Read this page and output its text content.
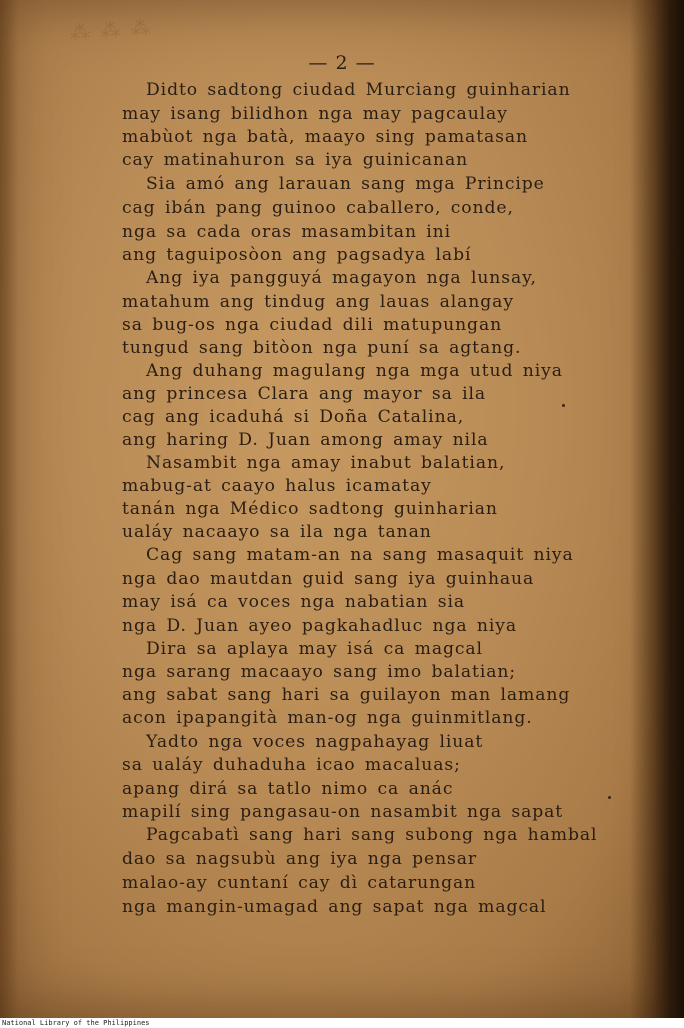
⁂ ⁂ ⁂
— 2 —
Didto sadtong ciudad Murciang guinharian
may isang bilidhon nga may pagcaulay
mabùot nga batà, maayo sing pamatasan
cay matinahuron sa iya guinicanan
Sia amó ang larauan sang mga Principe
cag ibán pang guinoo caballero, conde,
nga sa cada oras masambitan ini
ang taguiposòon ang pagsadya labí
Ang iya pangguyá magayon nga lunsay,
matahum ang tindug ang lauas alangay
sa bug-os nga ciudad dili matupungan
tungud sang bitòon nga puní sa agtang.
Ang duhang magulang nga mga utud niya
ang princesa Clara ang mayor sa ila
cag ang icaduhá si Doña Catalina,
ang haring D. Juan among amay nila
Nasambit nga amay inabut balatian,
mabug-at caayo halus icamatay
tanán nga Médico sadtong guinharian
ualáy nacaayo sa ila nga tanan
Cag sang matam-an na sang masaquit niya
nga dao mautdan guid sang iya guinhaua
may isá ca voces nga nabatian sia
nga D. Juan ayeo pagkahadluc nga niya
Dira sa aplaya may isá ca magcal
nga sarang macaayo sang imo balatian;
ang sabat sang hari sa guilayon man lamang
acon ipapangità man-og nga guinmitlang.
Yadto nga voces nagpahayag liuat
sa ualáy duhaduha icao macaluas;
apang dirá sa tatlo nimo ca anác
mapilí sing pangasau-on nasambit nga sapat
Pagcabatì sang hari sang subong nga hambal
dao sa nagsubù ang iya nga pensar
malao-ay cuntaní cay dì catarungan
nga mangin-umagad ang sapat nga magcal
National Library of the Philippines
